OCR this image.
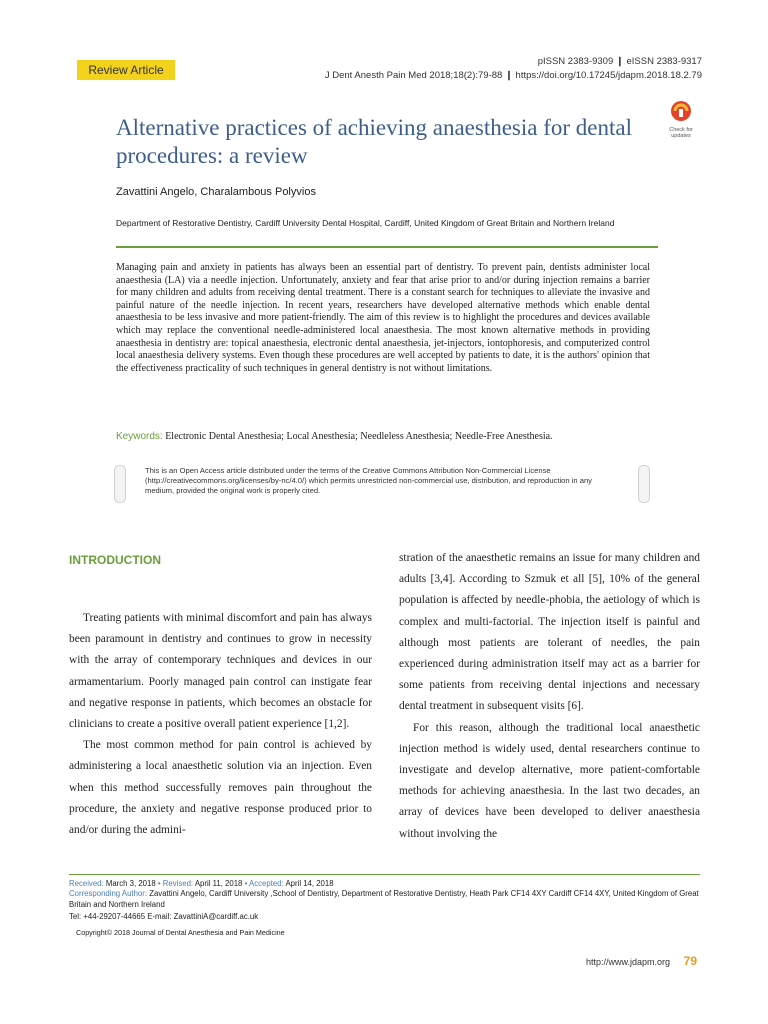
Review Article
pISSN 2383-9309 ❙ eISSN 2383-9317
J Dent Anesth Pain Med 2018;18(2):79-88 ❙ https://doi.org/10.17245/jdapm.2018.18.2.79
Check for updates
Alternative practices of achieving anaesthesia for dental procedures: a review
Zavattini Angelo, Charalambous Polyvios
Department of Restorative Dentistry, Cardiff University Dental Hospital, Cardiff, United Kingdom of Great Britain and Northern Ireland
Managing pain and anxiety in patients has always been an essential part of dentistry. To prevent pain, dentists administer local anaesthesia (LA) via a needle injection. Unfortunately, anxiety and fear that arise prior to and/or during injection remains a barrier for many children and adults from receiving dental treatment. There is a constant search for techniques to alleviate the invasive and painful nature of the needle injection. In recent years, researchers have developed alternative methods which enable dental anaesthesia to be less invasive and more patient-friendly. The aim of this review is to highlight the procedures and devices available which may replace the conventional needle-administered local anaesthesia. The most known alternative methods in providing anaesthesia in dentistry are: topical anaesthesia, electronic dental anaesthesia, jet-injectors, iontophoresis, and computerized control local anaesthesia delivery systems. Even though these procedures are well accepted by patients to date, it is the authors' opinion that the effectiveness practicality of such techniques in general dentistry is not without limitations.
Keywords: Electronic Dental Anesthesia; Local Anesthesia; Needleless Anesthesia; Needle-Free Anesthesia.
This is an Open Access article distributed under the terms of the Creative Commons Attribution Non-Commercial License (http://creativecommons.org/licenses/by-nc/4.0/) which permits unrestricted non-commercial use, distribution, and reproduction in any medium, provided the original work is properly cited.
INTRODUCTION

Treating patients with minimal discomfort and pain has always been paramount in dentistry and continues to grow in necessity with the array of contemporary techniques and devices in our armamentarium. Poorly managed pain control can instigate fear and negative response in patients, which becomes an obstacle for clinicians to create a positive overall patient experience [1,2].

The most common method for pain control is achieved by administering a local anaesthetic solution via an injection. Even when this method successfully removes pain throughout the procedure, the anxiety and negative response produced prior to and/or during the admini-

stration of the anaesthetic remains an issue for many children and adults [3,4]. According to Szmuk et all [5], 10% of the general population is affected by needle-phobia, the aetiology of which is complex and multi-factorial. The injection itself is painful and although most patients are tolerant of needles, the pain experienced during administration itself may act as a barrier for some patients from receiving dental injections and necessary dental treatment in subsequent visits [6].

For this reason, although the traditional local anaesthetic injection method is widely used, dental researchers continue to investigate and develop alternative, more patient-comfortable methods for achieving anaesthesia. In the last two decades, an array of devices have been developed to deliver anaesthesia without involving the

Received: March 3, 2018 • Revised: April 11, 2018 • Accepted: April 14, 2018
Corresponding Author: Zavattini Angelo, Cardiff University ,School of Dentistry, Department of Restorative Dentistry, Heath Park CF14 4XY Cardiff CF14 4XY, United Kingdom of Great Britain and Northern Ireland
Tel: +44-29207-44665 E-mail: ZavattiniA@cardiff.ac.uk
Copyright© 2018 Journal of Dental Anesthesia and Pain Medicine
http://www.jdapm.org 79
